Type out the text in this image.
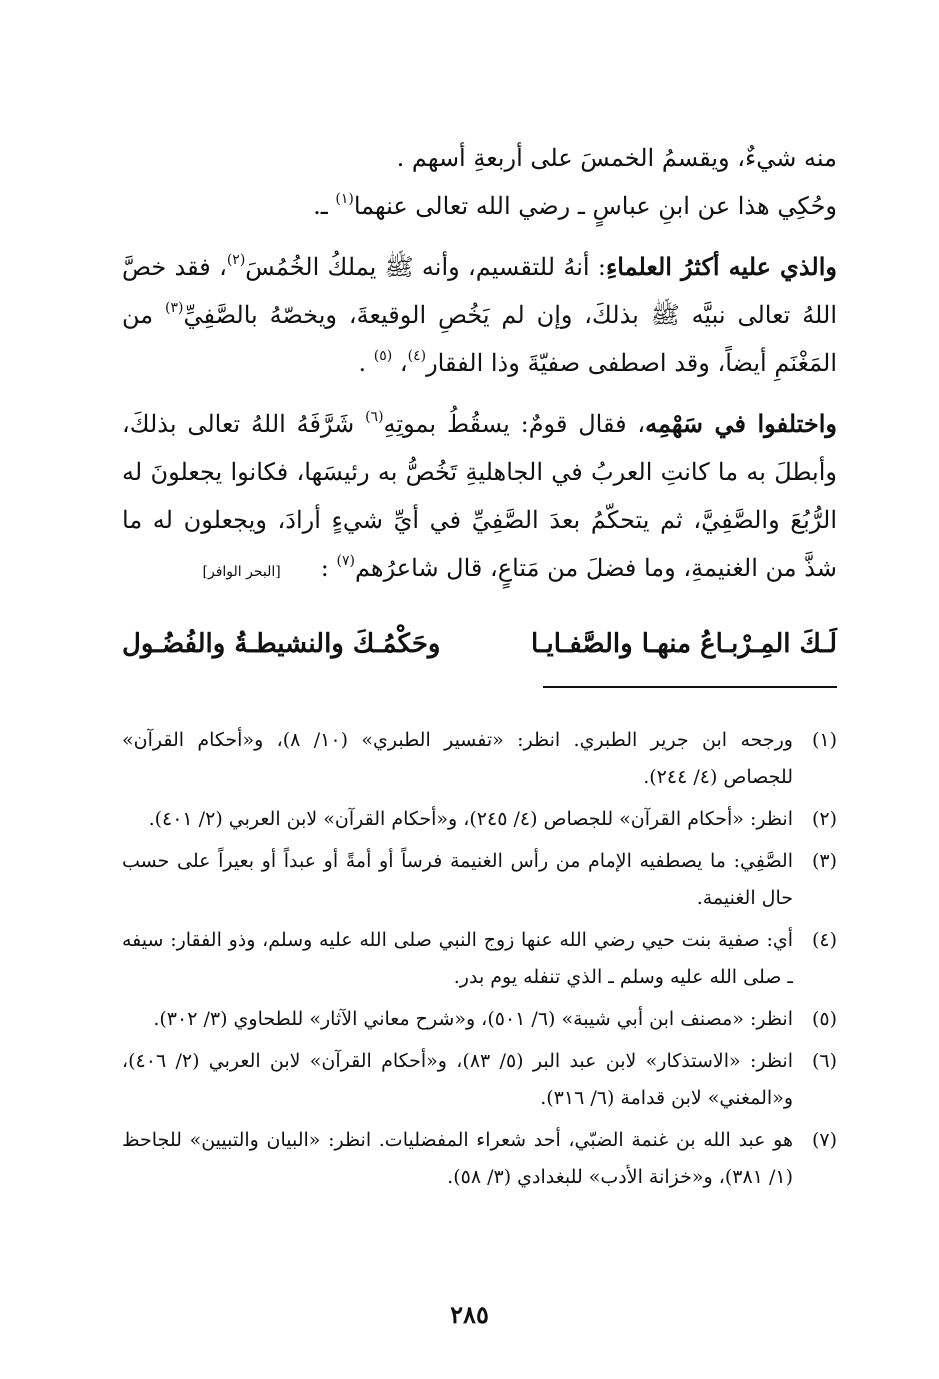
منه شيءٌ، ويقسمُ الخمسَ على أربعةِ أسهم .

وحُكِي هذا عن ابنِ عباسٍ ـ رضي الله تعالى عنهما$^{(١)}$ ـ.

والذي عليه أكثرُ العلماءِ: أنهُ للتقسيم، وأنه ﷺ يملكُ الخُمُسَ$^{(٢)}$، فقد خصَّ اللهُ تعالى نبيَّه ﷺ بذلكَ، وإن لم يَخُصِ الوقيعةَ، ويخصّهُ بالصَّفِيِّ$^{(٣)}$ من المَغْنَمِ أيضاً، وقد اصطفى صفيّةَ وذا الفقار$^{(٤)}$، $^{(٥)}$ .

واختلفوا في سَهْمِه، فقال قومٌ: يسقُطُ بموتِهِ$^{(٦)}$ شَرَّفَهُ اللهُ تعالى بذلكَ، وأبطلَ به ما كانتِ العربُ في الجاهليةِ تَخُصُّ به رئيسَها، فكانوا يجعلونَ له الرُّبُعَ والصَّفِيَّ، ثم يتحكّمُ بعدَ الصَّفِيِّ في أيِّ شيءٍ أرادَ، ويجعلون له ما شذَّ من الغنيمةِ، وما فضلَ من مَتاعٍ، قال شاعرُهم$^{(٧)}$ :[البحر الوافر]

لَـكَ المِـرْبـاعُ منهـا والصَّفـايـا
وحَكْمُـكَ والنشيطـةُ والفُضُـول
(١)
ورجحه ابن جرير الطبري. انظر: «تفسير الطبري» (١٠/ ٨)، و«أحكام القرآن» للجصاص (٤/ ٢٤٤).
(٢)
انظر: «أحكام القرآن» للجصاص (٤/ ٢٤٥)، و«أحكام القرآن» لابن العربي (٢/ ٤٠١).
(٣)
الصَّفِي: ما يصطفيه الإمام من رأس الغنيمة فرساً أو أمةً أو عبداً أو بعيراً على حسب حال الغنيمة.
(٤)
أي: صفية بنت حيي رضي الله عنها زوج النبي صلى الله عليه وسلم، وذو الفقار: سيفه ـ صلى الله عليه وسلم ـ الذي تنفله يوم بدر.
(٥)
انظر: «مصنف ابن أبي شيبة» (٦/ ٥٠١)، و«شرح معاني الآثار» للطحاوي (٣/ ٣٠٢).
(٦)
انظر: «الاستذكار» لابن عبد البر (٥/ ٨٣)، و«أحكام القرآن» لابن العربي (٢/ ٤٠٦)، و«المغني» لابن قدامة (٦/ ٣١٦).
(٧)
هو عبد الله بن غنمة الضبّي، أحد شعراء المفضليات. انظر: «البيان والتبيين» للجاحظ (١/ ٣٨١)، و«خزانة الأدب» للبغدادي (٣/ ٥٨).
٢٨٥
